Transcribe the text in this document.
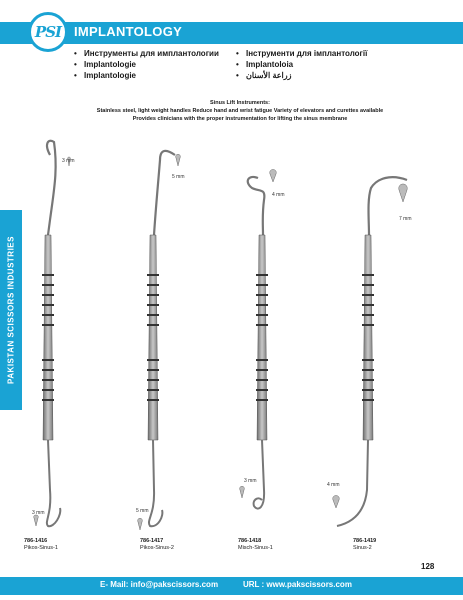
PSI IMPLANTOLOGY
• Инструменты для имплантологии
• Implantologie
• Implantologie
• Інструменти для імплантології
• Implantoloia
• زراعة الأسنان
Sinus Lift Instruments:
Stainless steel, light weight handles Reduce hand and wrist fatigue Variety of elevators and curettes available
Provides clinicians with the proper instrumentation for lifting the sinus membrane
PAKISTAN SCISSORS INDUSTRIES
3 mm
3 mm
786-1416
Pikos-Sinus-1
5 mm
5 mm
786-1417
Pikos-Sinus-2
4 mm
3 mm
786-1418
Misch-Sinus-1
7 mm
4 mm
786-1419
Sinus-2
128
E- Mail: info@pakscissors.com	URL : www.pakscissors.com
